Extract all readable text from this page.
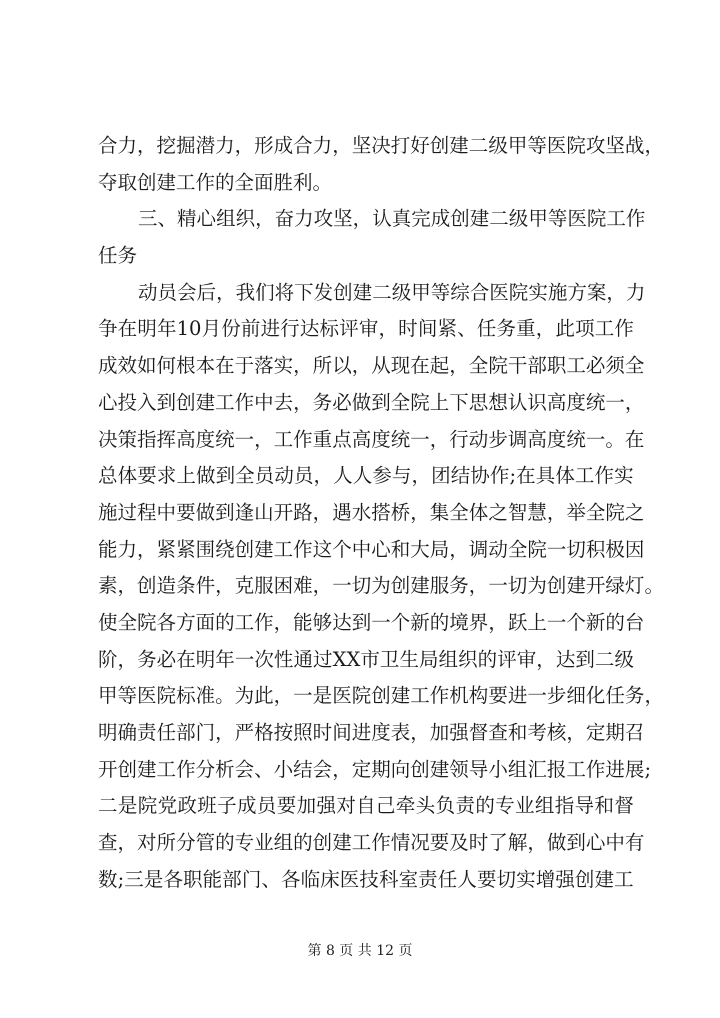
合 力 ， 挖 掘 潜 力 ， 形 成 合 力 ， 坚 决 打 好 创 建 二 级 甲 等 医 院 攻 坚 战 ，
夺取创建工作的全面胜利。
三 、 精 心 组 织 ， 奋 力 攻 坚 ， 认 真 完 成 创 建 二 级 甲 等 医 院 工 作
任务
动 员 会 后 ， 我 们 将 下 发 创 建 二 级 甲 等 综 合 医 院 实 施 方 案 ， 力
争 在 明 年 10 月 份 前 进 行 达 标 评 审 ， 时 间 紧 、 任 务 重 ， 此 项 工 作
成 效 如 何 根 本 在 于 落 实 ， 所 以 ， 从 现 在 起 ， 全 院 干 部 职 工 必 须 全
心 投 入 到 创 建 工 作 中 去 ， 务 必 做 到 全 院 上 下 思 想 认 识 高 度 统 一 ，
决 策 指 挥 高 度 统 一 ， 工 作 重 点 高 度 统 一 ， 行 动 步 调 高 度 统 一 。 在
总 体 要 求 上 做 到 全 员 动 员 ， 人 人 参 与 ， 团 结 协 作 ; 在 具 体 工 作 实
施 过 程 中 要 做 到 逢 山 开 路 ， 遇 水 搭 桥 ， 集 全 体 之 智 慧 ， 举 全 院 之
能 力 ， 紧 紧 围 绕 创 建 工 作 这 个 中 心 和 大 局 ， 调 动 全 院 一 切 积 极 因
素 ， 创 造 条 件 ， 克 服 困 难 ， 一 切 为 创 建 服 务 ， 一 切 为 创 建 开 绿 灯 。
使 全 院 各 方 面 的 工 作 ， 能 够 达 到 一 个 新 的 境 界 ， 跃 上 一 个 新 的 台
阶 ， 务 必 在 明 年 一 次 性 通 过 XX 市 卫 生 局 组 织 的 评 审 ， 达 到 二 级
甲 等 医 院 标 准 。 为 此 ， 一 是 医 院 创 建 工 作 机 构 要 进 一 步 细 化 任 务 ，
明 确 责 任 部 门 ， 严 格 按 照 时 间 进 度 表 ， 加 强 督 查 和 考 核 ， 定 期 召
开 创 建 工 作 分 析 会 、 小 结 会 ， 定 期 向 创 建 领 导 小 组 汇 报 工 作 进 展 ;
二 是 院 党 政 班 子 成 员 要 加 强 对 自 己 牵 头 负 责 的 专 业 组 指 导 和 督
查 ， 对 所 分 管 的 专 业 组 的 创 建 工 作 情 况 要 及 时 了 解 ， 做 到 心 中 有
数 ; 三 是 各 职 能 部 门 、 各 临 床 医 技 科 室 责 任 人 要 切 实 增 强 创 建 工
第 8 页 共 12 页
